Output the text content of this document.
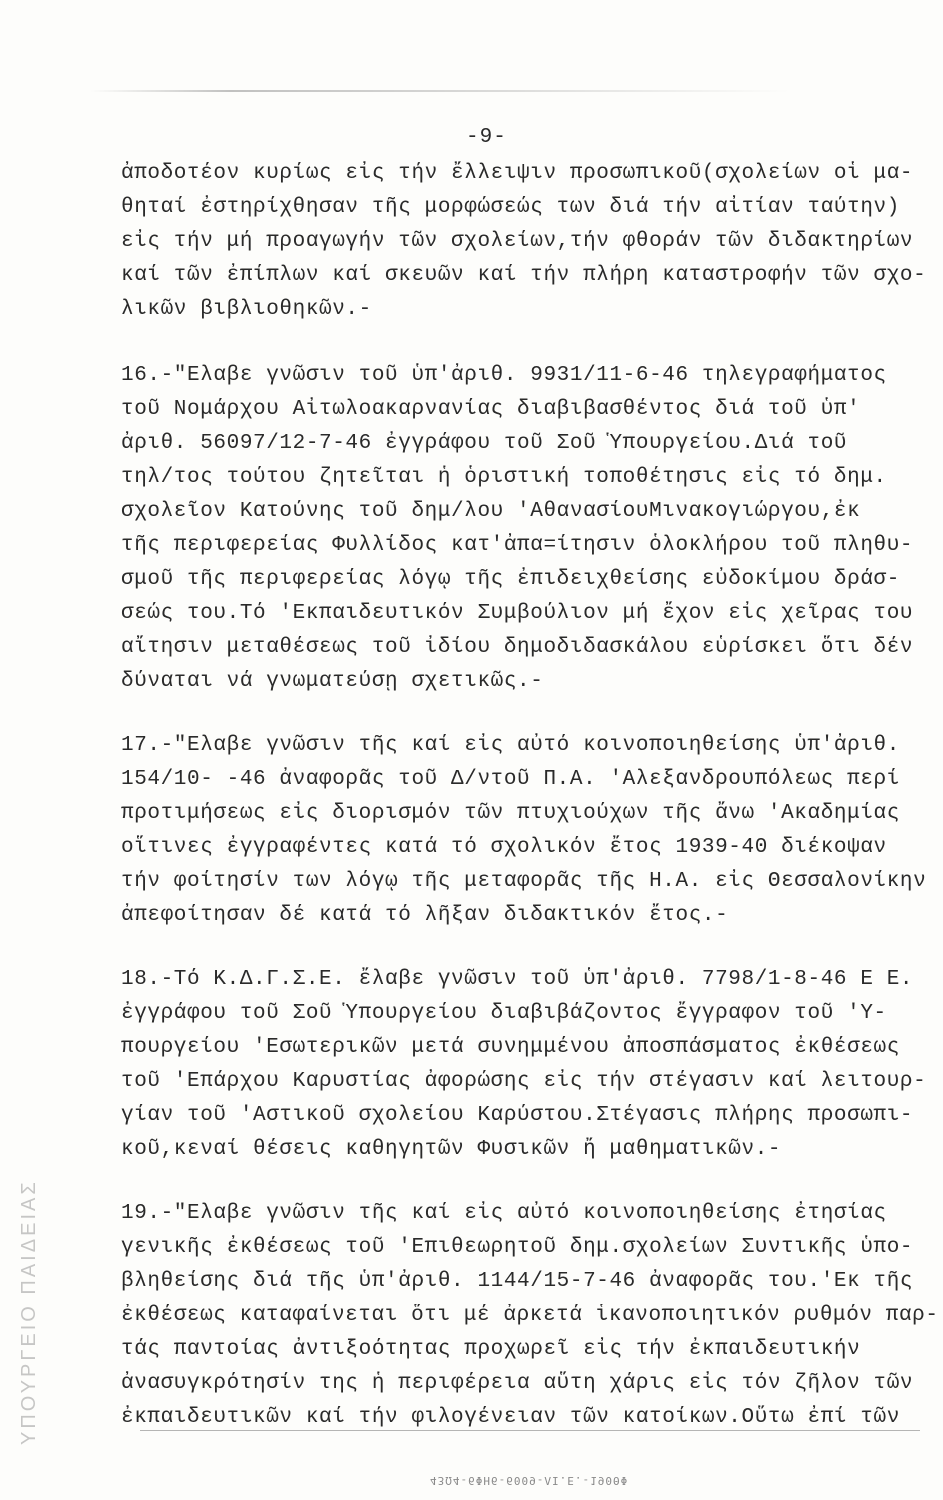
ΥΠΟΥΡΓΕΙΟ ΠΑΙΔΕΙΑΣ
-9-
ἀποδοτέον κυρίως εἰς τήν ἔλλειψιν προσωπικοῦ(σχολείων οἱ μα-
θηταί ἐστηρίχθησαν τῆς μορφώσεώς των διά τήν αἰτίαν ταύτην)
εἰς τήν μή προαγωγήν τῶν σχολείων,τήν φθοράν τῶν διδακτηρίων
καί τῶν ἐπίπλων καί σκευῶν καί τήν πλήρη καταστροφήν τῶν σχο-
λικῶν βιβλιοθηκῶν.-
16.-"Ελαβε γνῶσιν τοῦ ὑπ'ἀριθ. 9931/11-6-46 τηλεγραφήματος
τοῦ Νομάρχου Αἰτωλοακαρνανίας διαβιβασθέντος διά τοῦ ὑπ'
ἀριθ. 56097/12-7-46 ἐγγράφου τοῦ Σοῦ Ὑπουργείου.Διά τοῦ
τηλ/τος τούτου ζητεῖται ἡ ὁριστική τοποθέτησις εἰς τό δημ.
σχολεῖον Κατούνης τοῦ δημ/λου 'ΑθανασίουΜινακογιώργου,ἐκ
τῆς περιφερείας Φυλλίδος κατ'ἀπα=ίτησιν ὁλοκλήρου τοῦ πληθυ-
σμοῦ τῆς περιφερείας λόγῳ τῆς ἐπιδειχθείσης εὐδοκίμου δράσ-
σεώς του.Τό 'Εκπαιδευτικόν Συμβούλιον μή ἔχον εἰς χεῖρας του
αἴτησιν μεταθέσεως τοῦ ἰδίου δημοδιδασκάλου εὑρίσκει ὅτι δέν
δύναται νά γνωματεύσῃ σχετικῶς.-
17.-"Ελαβε γνῶσιν τῆς καί εἰς αὐτό κοινοποιηθείσης ὑπ'ἀριθ.
154/10- -46 ἀναφορᾶς τοῦ Δ/ντοῦ Π.Α. 'Αλεξανδρουπόλεως περί
προτιμήσεως εἰς διορισμόν τῶν πτυχιούχων τῆς ἄνω 'Ακαδημίας
οἵτινες ἐγγραφέντες κατά τό σχολικόν ἔτος 1939-40 διέκοψαν
τήν φοίτησίν των λόγῳ τῆς μεταφορᾶς τῆς Η.Α. εἰς Θεσσαλονίκην
ἀπεφοίτησαν δέ κατά τό λῆξαν διδακτικόν ἔτος.-
18.-Τό Κ.Δ.Γ.Σ.Ε. ἔλαβε γνῶσιν τοῦ ὑπ'ἀριθ. 7798/1-8-46 Ε Ε.
ἐγγράφου τοῦ Σοῦ Ὑπουργείου διαβιβάζοντος ἔγγραφον τοῦ 'Υ-
πουργείου 'Εσωτερικῶν μετά συνημμένου ἀποσπάσματος ἐκθέσεως
τοῦ 'Επάρχου Καρυστίας ἀφορώσης εἰς τήν στέγασιν καί λειτουρ-
γίαν τοῦ 'Αστικοῦ σχολείου Καρύστου.Στέγασις πλήρης προσωπι-
κοῦ,κεναί θέσεις καθηγητῶν Φυσικῶν ἤ μαθηματικῶν.-
19.-"Ελαβε γνῶσιν τῆς καί εἰς αὐτό κοινοποιηθείσης ἐτησίας
γενικῆς ἐκθέσεως τοῦ 'Επιθεωρητοῦ δημ.σχολείων Συντικῆς ὑπο-
βληθείσης διά τῆς ὑπ'ἀριθ. 1144/15-7-46 ἀναφορᾶς του.'Εκ τῆς
ἐκθέσεως καταφαίνεται ὅτι μέ ἀρκετά ἱκανοποιητικόν ρυθμόν παρ-
τάς παντοίας ἀντιξοότητας προχωρεῖ εἰς τήν ἐκπαιδευτικήν
ἀνασυγκρότησίν της ἡ περιφέρεια αὕτη χάρις εἰς τόν ζῆλον τῶν
ἐκπαιδευτικῶν καί τήν φιλογένειαν τῶν κατοίκων.Οὕτω ἐπί τῶν
43Ω4-6ΦΗ6-6009-ΛΙ.Ε.-190ΘΦ
